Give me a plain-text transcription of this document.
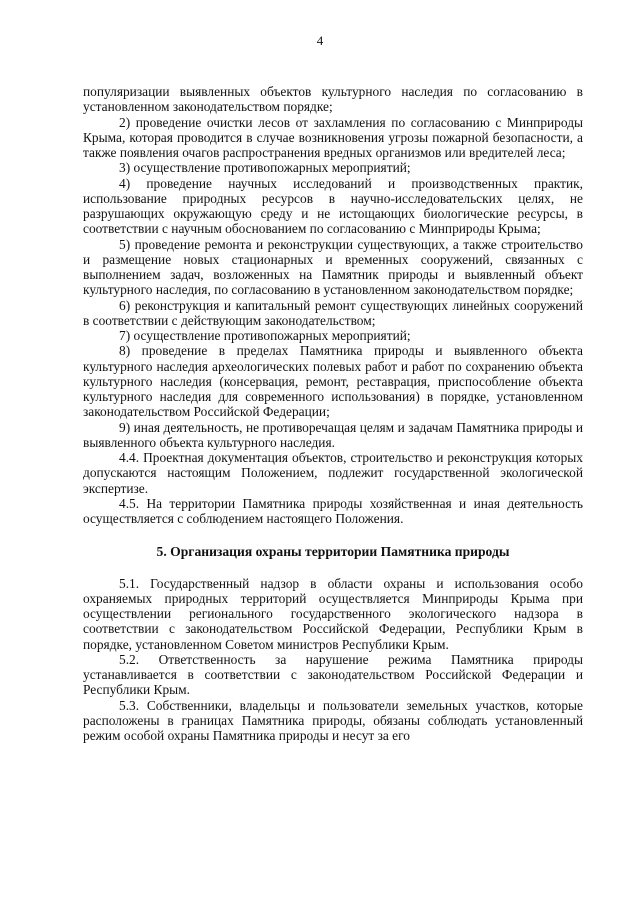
4

популяризации выявленных объектов культурного наследия по согласованию в установленном законодательством порядке;

2) проведение очистки лесов от захламления по согласованию с Минприроды Крыма, которая проводится в случае возникновения угрозы пожарной безопасности, а также появления очагов распространения вредных организмов или вредителей леса;

3) осуществление противопожарных мероприятий;

4) проведение научных исследований и производственных практик, использование природных ресурсов в научно-исследовательских целях, не разрушающих окружающую среду и не истощающих биологические ресурсы, в соответствии с научным обоснованием по согласованию с Минприроды Крыма;

5) проведение ремонта и реконструкции существующих, а также строительство и размещение новых стационарных и временных сооружений, связанных с выполнением задач, возложенных на Памятник природы и выявленный объект культурного наследия, по согласованию в установленном законодательством порядке;

6) реконструкция и капитальный ремонт существующих линейных сооружений в соответствии с действующим законодательством;

7) осуществление противопожарных мероприятий;

8) проведение в пределах Памятника природы и выявленного объекта культурного наследия археологических полевых работ и работ по сохранению объекта культурного наследия (консервация, ремонт, реставрация, приспособление объекта культурного наследия для современного использования) в порядке, установленном законодательством Российской Федерации;

9) иная деятельность, не противоречащая целям и задачам Памятника природы и выявленного объекта культурного наследия.

4.4. Проектная документация объектов, строительство и реконструкция которых допускаются настоящим Положением, подлежит государственной экологической экспертизе.

4.5. На территории Памятника природы хозяйственная и иная деятельность осуществляется с соблюдением настоящего Положения.

5. Организация охраны территории Памятника природы

5.1. Государственный надзор в области охраны и использования особо охраняемых природных территорий осуществляется Минприроды Крыма при осуществлении регионального государственного экологического надзора в соответствии с законодательством Российской Федерации, Республики Крым в порядке, установленном Советом министров Республики Крым.

5.2. Ответственность за нарушение режима Памятника природы устанавливается в соответствии с законодательством Российской Федерации и Республики Крым.

5.3. Собственники, владельцы и пользователи земельных участков, которые расположены в границах Памятника природы, обязаны соблюдать установленный режим особой охраны Памятника природы и несут за его
